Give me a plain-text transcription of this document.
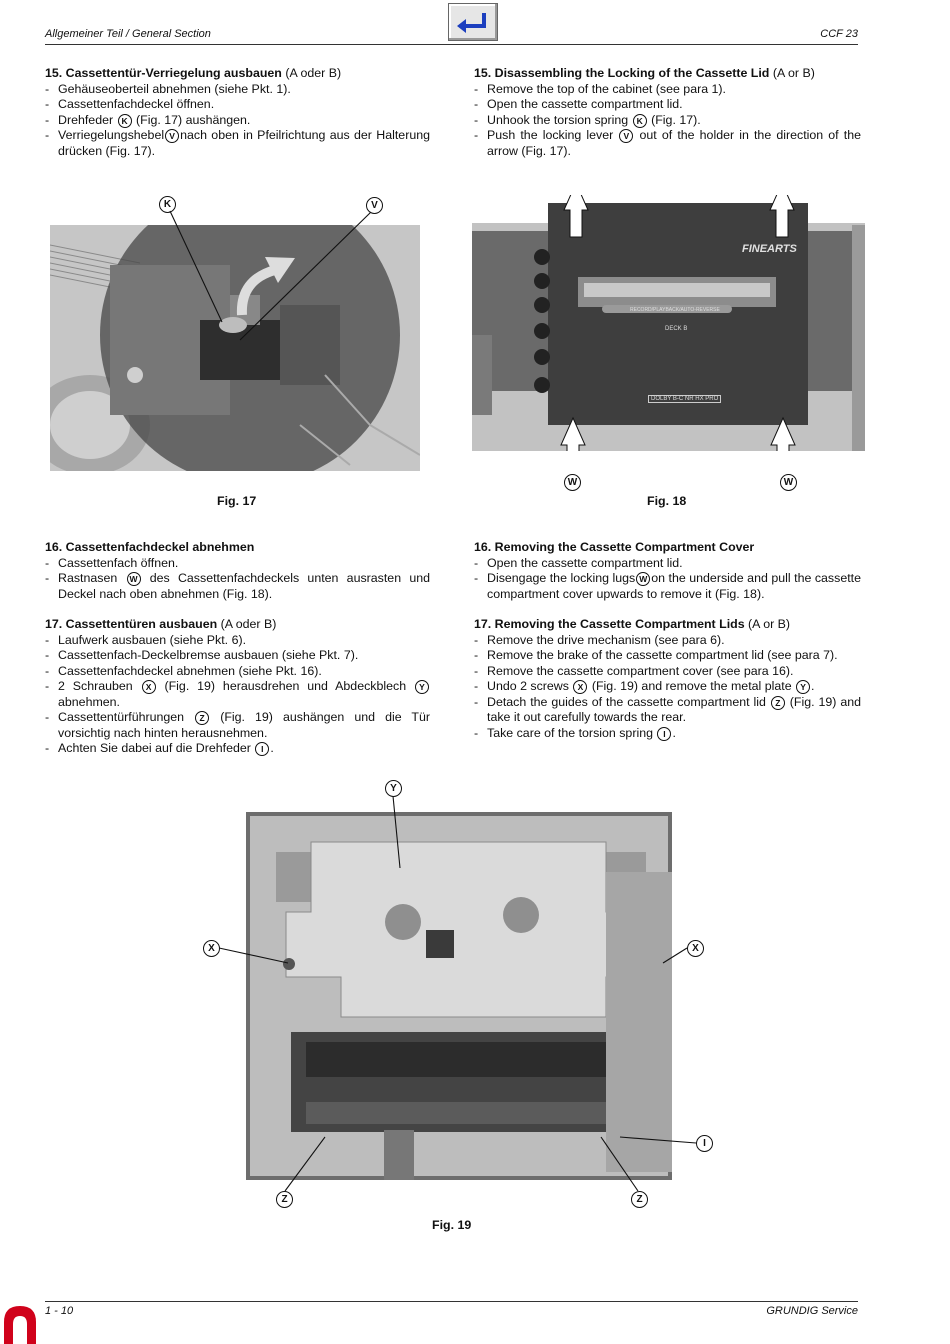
Allgemeiner Teil / General Section	CCF 23
15. Cassettentür-Verriegelung ausbauen (A oder B)
- Gehäuseoberteil abnehmen (siehe Pkt. 1).
- Cassettenfachdeckel öffnen.
- Drehfeder K (Fig. 17) aushängen.
- Verriegelungshebel V nach oben in Pfeilrichtung aus der Halterung drücken (Fig. 17).
15. Disassembling the Locking of the Cassette Lid (A or B)
- Remove the top of the cabinet (see para 1).
- Open the cassette compartment lid.
- Unhook the torsion spring K (Fig. 17).
- Push the locking lever V out of the holder in the direction of the arrow (Fig. 17).
FINEARTS
RECORD/PLAYBACK/AUTO-REVERSE
DECK B
DOLBY B-C NR HX PRO
Fig. 17	Fig. 18
K	V
W	W
16. Cassettenfachdeckel abnehmen
- Cassettenfach öffnen.
- Rastnasen W des Cassettenfachdeckels unten ausrasten und Deckel nach oben abnehmen (Fig. 18).
17. Cassettentüren ausbauen (A oder B)
- Laufwerk ausbauen (siehe Pkt. 6).
- Cassettenfach-Deckelbremse ausbauen (siehe Pkt. 7).
- Cassettenfachdeckel abnehmen (siehe Pkt. 16).
- 2 Schrauben X (Fig. 19) herausdrehen und Abdeckblech Y abnehmen.
- Cassettentürführungen Z (Fig. 19) aushängen und die Tür vorsichtig nach hinten herausnehmen.
- Achten Sie dabei auf die Drehfeder I .
16. Removing the Cassette Compartment Cover
- Open the cassette compartment lid.
- Disengage the locking lugs W on the underside and pull the cassette compartment cover upwards to remove it (Fig. 18).
17. Removing the Cassette Compartment Lids (A or B)
- Remove the drive mechanism (see para 6).
- Remove the brake of the cassette compartment lid (see para 7).
- Remove the cassette compartment cover (see para 16).
- Undo 2 screws X (Fig. 19) and remove the metal plate Y .
- Detach the guides of the cassette compartment lid Z (Fig. 19) and take it out carefully towards the rear.
- Take care of the torsion spring I .
Fig. 19
Y
X	X
I
Z	Z
1 - 10	GRUNDIG Service
